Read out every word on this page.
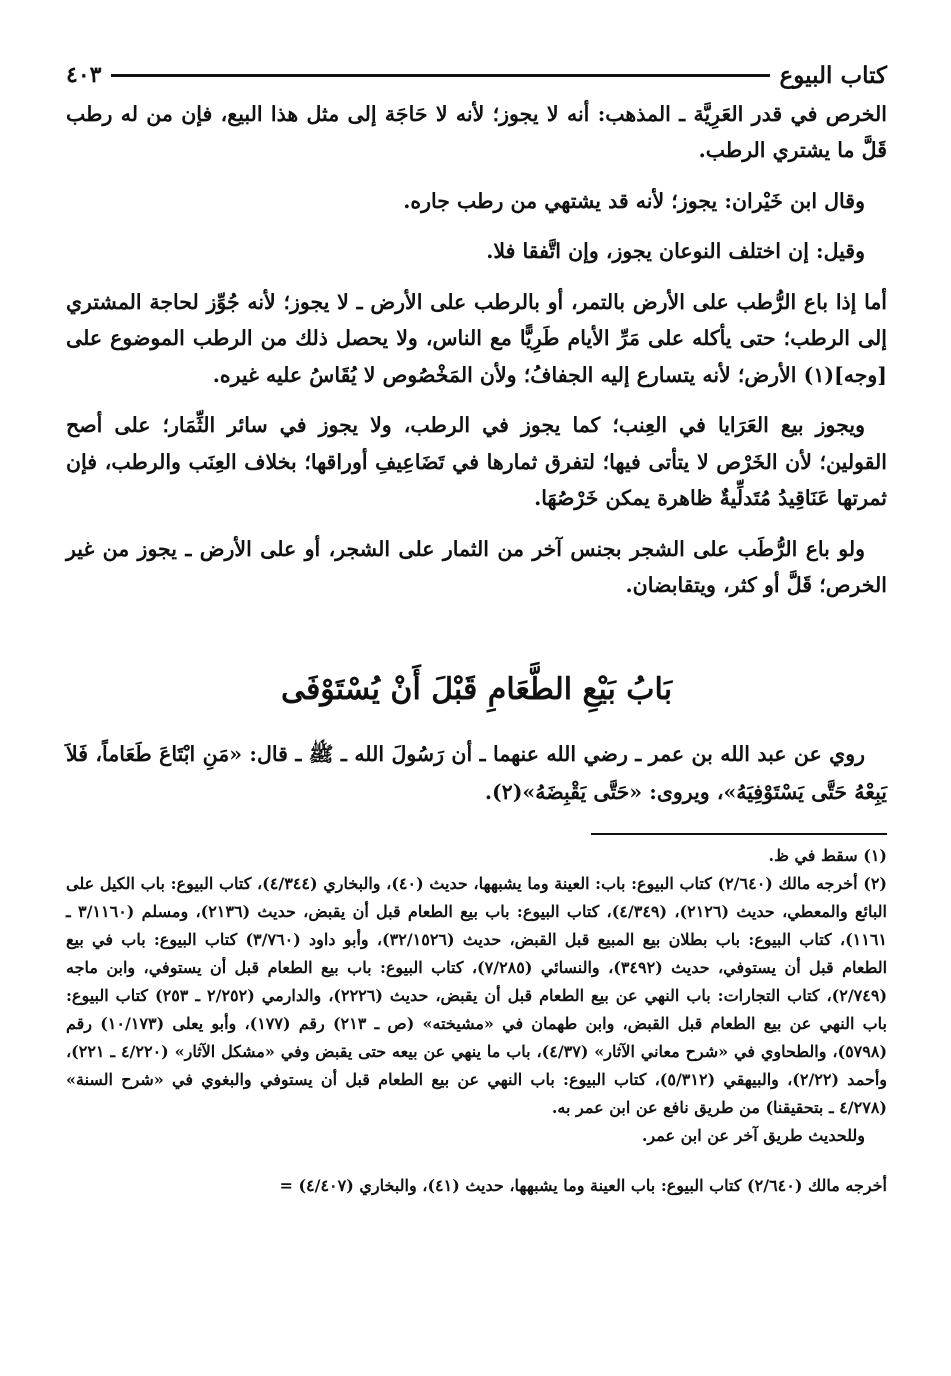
كتاب البيوع
٤٠٣

الخرص في قدر العَرِيَّة ـ المذهب: أنه لا يجوز؛ لأنه لا حَاجَة إلى مثل هذا البيع، فإن من له رطب قَلَّ ما يشتري الرطب.

وقال ابن خَيْران: يجوز؛ لأنه قد يشتهي من رطب جاره.

وقيل: إن اختلف النوعان يجوز، وإن اتَّفقا فلا.

أما إذا باع الرُّطب على الأرض بالتمر، أو بالرطب على الأرض ـ لا يجوز؛ لأنه جُوِّز لحاجة المشتري إلى الرطب؛ حتى يأكله على مَرِّ الأيام طَرِيًّا مع الناس، ولا يحصل ذلك من الرطب الموضوع على [وجه](١) الأرض؛ لأنه يتسارع إليه الجفافُ؛ ولأن المَخْصُوص لا يُقَاسُ عليه غيره.

ويجوز بيع العَرَايا في العِنب؛ كما يجوز في الرطب، ولا يجوز في سائر الثِّمَار؛ على أصح القولين؛ لأن الخَرْص لا يتأتى فيها؛ لتفرق ثمارها في تَضَاعِيفِ أوراقها؛ بخلاف العِنَب والرطب، فإن ثمرتها عَنَاقِيدُ مُتَدلِّيةٌ ظاهرة يمكن خَرْصُهَا.

ولو باع الرُّطَب على الشجر بجنس آخر من الثمار على الشجر، أو على الأرض ـ يجوز من غير الخرص؛ قَلَّ أو كثر، ويتقابضان.

بَابُ بَيْعِ الطَّعَامِ قَبْلَ أَنْ يُسْتَوْفَى

روي عن عبد الله بن عمر ـ رضي الله عنهما ـ أن رَسُولَ الله ـ ﷺ ـ قال: «مَنِ ابْتَاعَ طَعَاماً، فَلاَ يَبِعْهُ حَتَّى يَسْتَوْفِيَهُ»، ويروى: «حَتَّى يَقْبِضَهُ»(٢).

(١) سقط في ظ.

(٢) أخرجه مالك (٢/٦٤٠) كتاب البيوع: باب: العينة وما يشبهها، حديث (٤٠)، والبخاري (٤/٣٤٤)، كتاب البيوع: باب الكيل على البائع والمعطي، حديث (٢١٢٦)، (٤/٣٤٩)، كتاب البيوع: باب بيع الطعام قبل أن يقبض، حديث (٢١٣٦)، ومسلم (٣/١١٦٠ ـ ١١٦١)، كتاب البيوع: باب بطلان بيع المبيع قبل القبض، حديث (٣٢/١٥٢٦)، وأبو داود (٣/٧٦٠) كتاب البيوع: باب في بيع الطعام قبل أن يستوفي، حديث (٣٤٩٢)، والنسائي (٧/٢٨٥)، كتاب البيوع: باب بيع الطعام قبل أن يستوفي، وابن ماجه (٢/٧٤٩)، كتاب التجارات: باب النهي عن بيع الطعام قبل أن يقبض، حديث (٢٢٢٦)، والدارمي (٢/٢٥٢ ـ ٢٥٣) كتاب البيوع: باب النهي عن بيع الطعام قبل القبض، وابن طهمان في «مشيخته» (ص ـ ٢١٣) رقم (١٧٧)، وأبو يعلى (١٠/١٧٣) رقم (٥٧٩٨)، والطحاوي في «شرح معاني الآثار» (٤/٣٧)، باب ما ينهي عن بيعه حتى يقبض وفي «مشكل الآثار» (٤/٢٢٠ ـ ٢٢١)، وأحمد (٢/٢٢)، والبيهقي (٥/٣١٢)، كتاب البيوع: باب النهي عن بيع الطعام قبل أن يستوفي والبغوي في «شرح السنة» (٤/٢٧٨ ـ بتحقيقنا) من طريق نافع عن ابن عمر به.

وللحديث طريق آخر عن ابن عمر.

أخرجه مالك (٢/٦٤٠) كتاب البيوع: باب العينة وما يشبهها، حديث (٤١)، والبخاري (٤/٤٠٧) =
